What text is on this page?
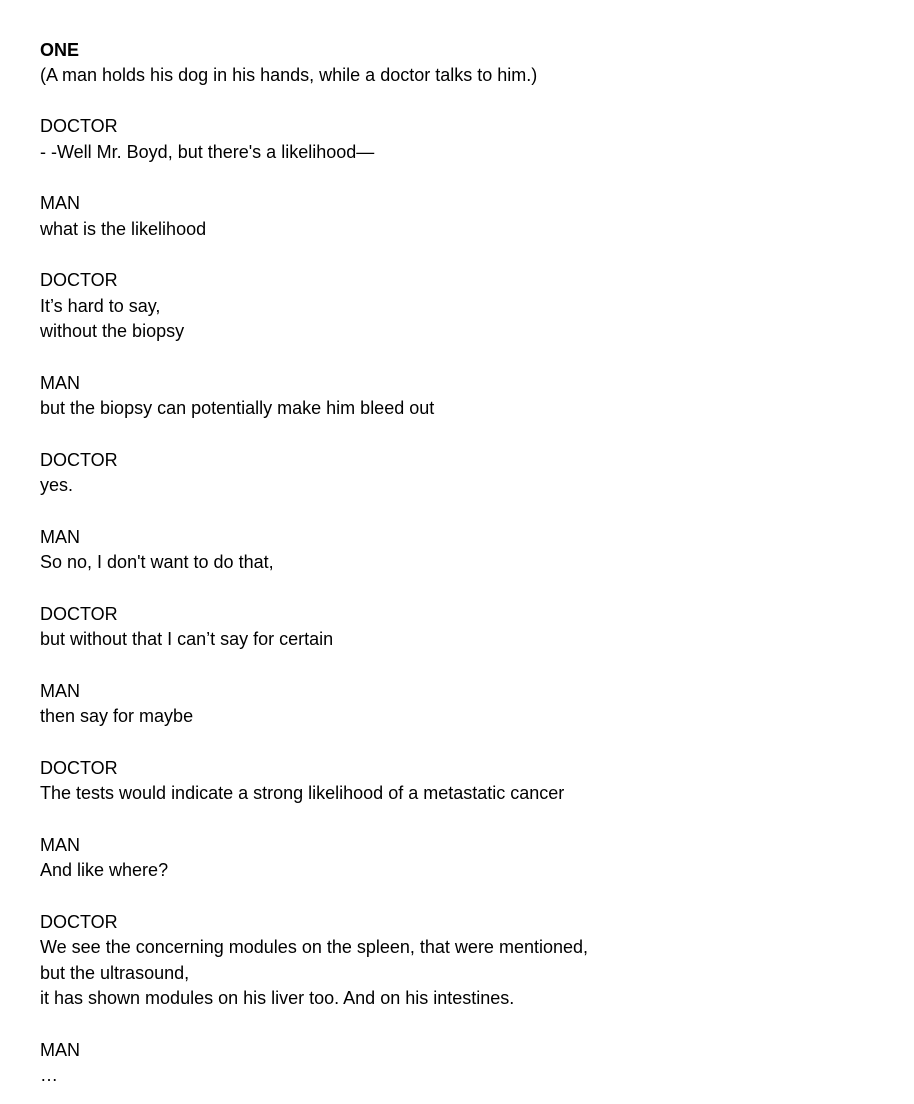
ONE

(A man holds his dog in his hands, while a doctor talks to him.)

DOCTOR

- -Well Mr. Boyd, but there's a likelihood—

MAN

what is the likelihood

DOCTOR

It’s hard to say,

without the biopsy

MAN

but the biopsy can potentially make him bleed out

DOCTOR

yes.

MAN

So no, I don't want to do that,

DOCTOR

but without that I can’t say for certain

MAN

then say for maybe

DOCTOR

The tests would indicate a strong likelihood of a metastatic cancer

MAN

And like where?

DOCTOR

We see the concerning modules on the spleen, that were mentioned,

but the ultrasound,

it has shown modules on his liver too. And on his intestines.

MAN

…
